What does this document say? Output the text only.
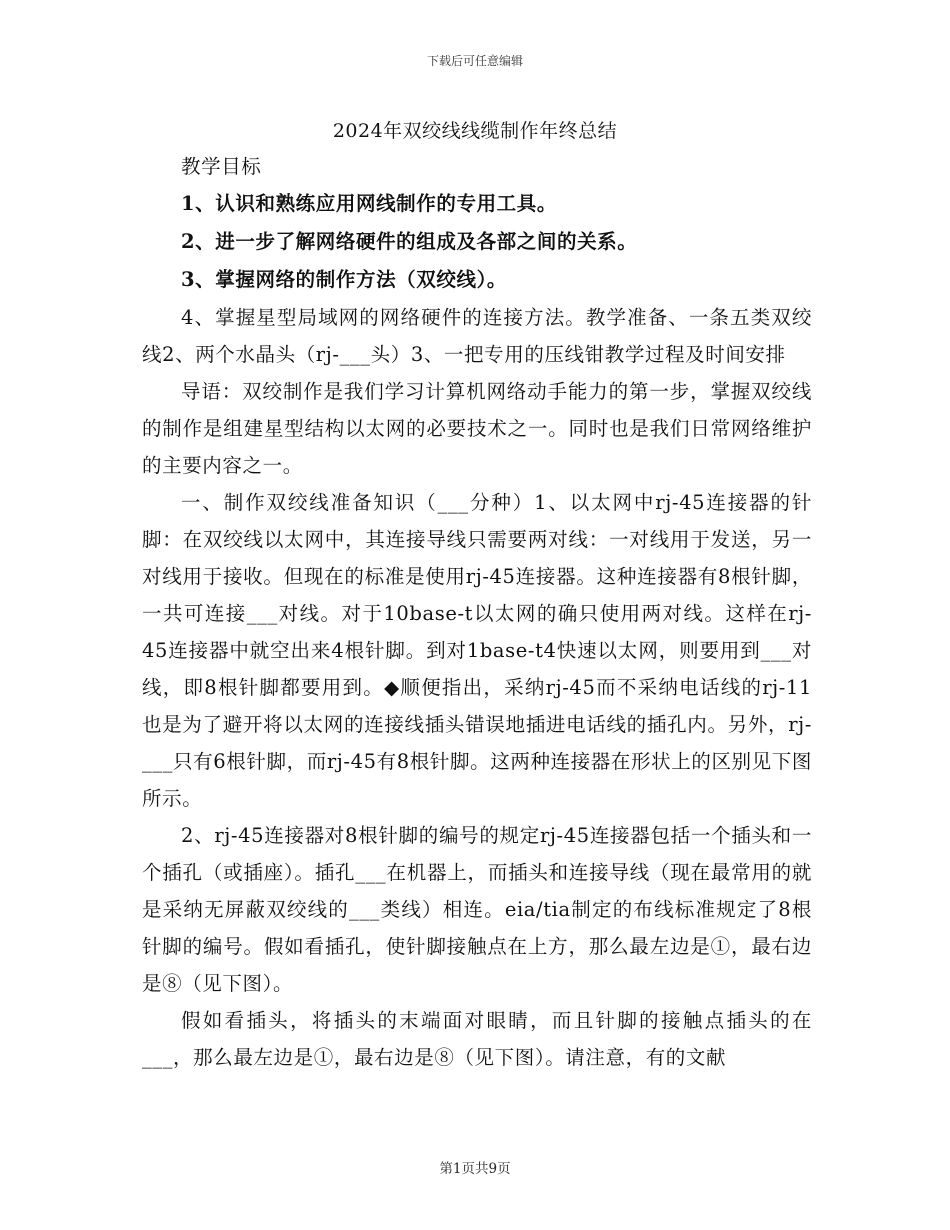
下载后可任意编辑
2024年双绞线线缆制作年终总结

教学目标

1、认识和熟练应用网线制作的专用工具。

2、进一步了解网络硬件的组成及各部之间的关系。

3、掌握网络的制作方法（双绞线）。

4、掌握星型局域网的网络硬件的连接方法。教学准备、一条五类双绞线2、两个水晶头（rj-___头）3、一把专用的压线钳教学过程及时间安排

导语：双绞制作是我们学习计算机网络动手能力的第一步，掌握双绞线的制作是组建星型结构以太网的必要技术之一。同时也是我们日常网络维护的主要内容之一。

一、制作双绞线准备知识（___分种）1、以太网中rj-45连接器的针脚：在双绞线以太网中，其连接导线只需要两对线：一对线用于发送，另一对线用于接收。但现在的标准是使用rj-45连接器。这种连接器有8根针脚，一共可连接___对线。对于10base-t以太网的确只使用两对线。这样在rj-45连接器中就空出来4根针脚。到对1base-t4快速以太网，则要用到___对线，即8根针脚都要用到。◆顺便指出，采纳rj-45而不采纳电话线的rj-11也是为了避开将以太网的连接线插头错误地插进电话线的插孔内。另外，rj-___只有6根针脚，而rj-45有8根针脚。这两种连接器在形状上的区别见下图所示。

2、rj-45连接器对8根针脚的编号的规定rj-45连接器包括一个插头和一个插孔（或插座）。插孔___在机器上，而插头和连接导线（现在最常用的就是采纳无屏蔽双绞线的___类线）相连。eia/tia制定的布线标准规定了8根针脚的编号。假如看插孔，使针脚接触点在上方，那么最左边是①，最右边是⑧（见下图）。

假如看插头，将插头的末端面对眼睛，而且针脚的接触点插头的在___，那么最左边是①，最右边是⑧（见下图）。请注意，有的文献

第1页共9页
